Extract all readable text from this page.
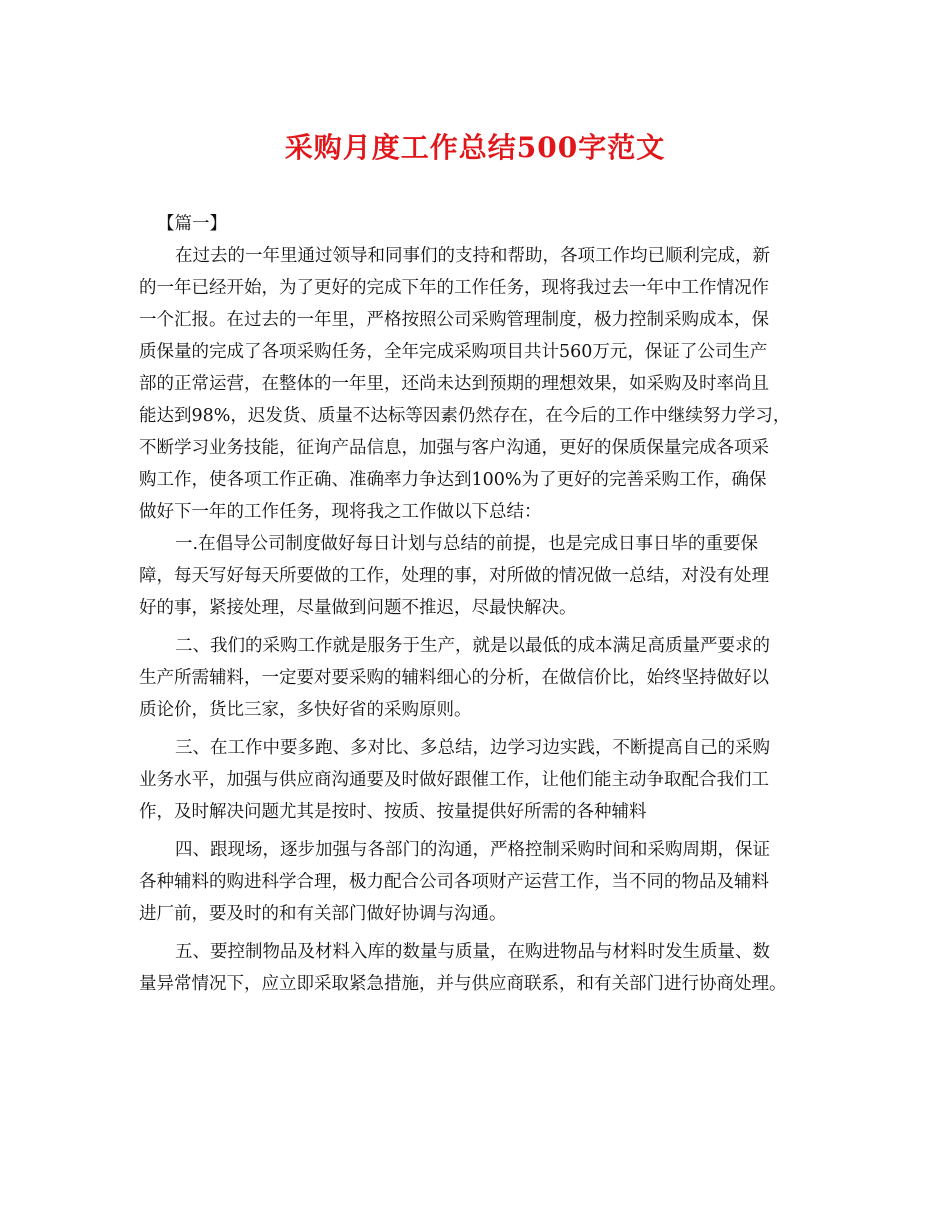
采购月度工作总结500字范文
【篇一】
在过去的一年里通过领导和同事们的支持和帮助，各项工作均已顺利完成，新
的一年已经开始，为了更好的完成下年的工作任务，现将我过去一年中工作情况作
一个汇报。在过去的一年里，严格按照公司采购管理制度，极力控制采购成本，保
质保量的完成了各项采购任务，全年完成采购项目共计560万元，保证了公司生产
部的正常运营，在整体的一年里，还尚未达到预期的理想效果，如采购及时率尚且
能达到98%，迟发货、质量不达标等因素仍然存在，在今后的工作中继续努力学习，
不断学习业务技能，征询产品信息，加强与客户沟通，更好的保质保量完成各项采
购工作，使各项工作正确、准确率力争达到100%为了更好的完善采购工作，确保
做好下一年的工作任务，现将我之工作做以下总结：
一.在倡导公司制度做好每日计划与总结的前提，也是完成日事日毕的重要保
障，每天写好每天所要做的工作，处理的事，对所做的情况做一总结，对没有处理
好的事，紧接处理，尽量做到问题不推迟，尽最快解决。
二、我们的采购工作就是服务于生产，就是以最低的成本满足高质量严要求的
生产所需辅料，一定要对要采购的辅料细心的分析，在做信价比，始终坚持做好以
质论价，货比三家，多快好省的采购原则。
三、在工作中要多跑、多对比、多总结，边学习边实践，不断提高自己的采购
业务水平，加强与供应商沟通要及时做好跟催工作，让他们能主动争取配合我们工
作，及时解决问题尤其是按时、按质、按量提供好所需的各种辅料
四、跟现场，逐步加强与各部门的沟通，严格控制采购时间和采购周期，保证
各种辅料的购进科学合理，极力配合公司各项财产运营工作，当不同的物品及辅料
进厂前，要及时的和有关部门做好协调与沟通。
五、要控制物品及材料入库的数量与质量，在购进物品与材料时发生质量、数
量异常情况下，应立即采取紧急措施，并与供应商联系，和有关部门进行协商处理。
